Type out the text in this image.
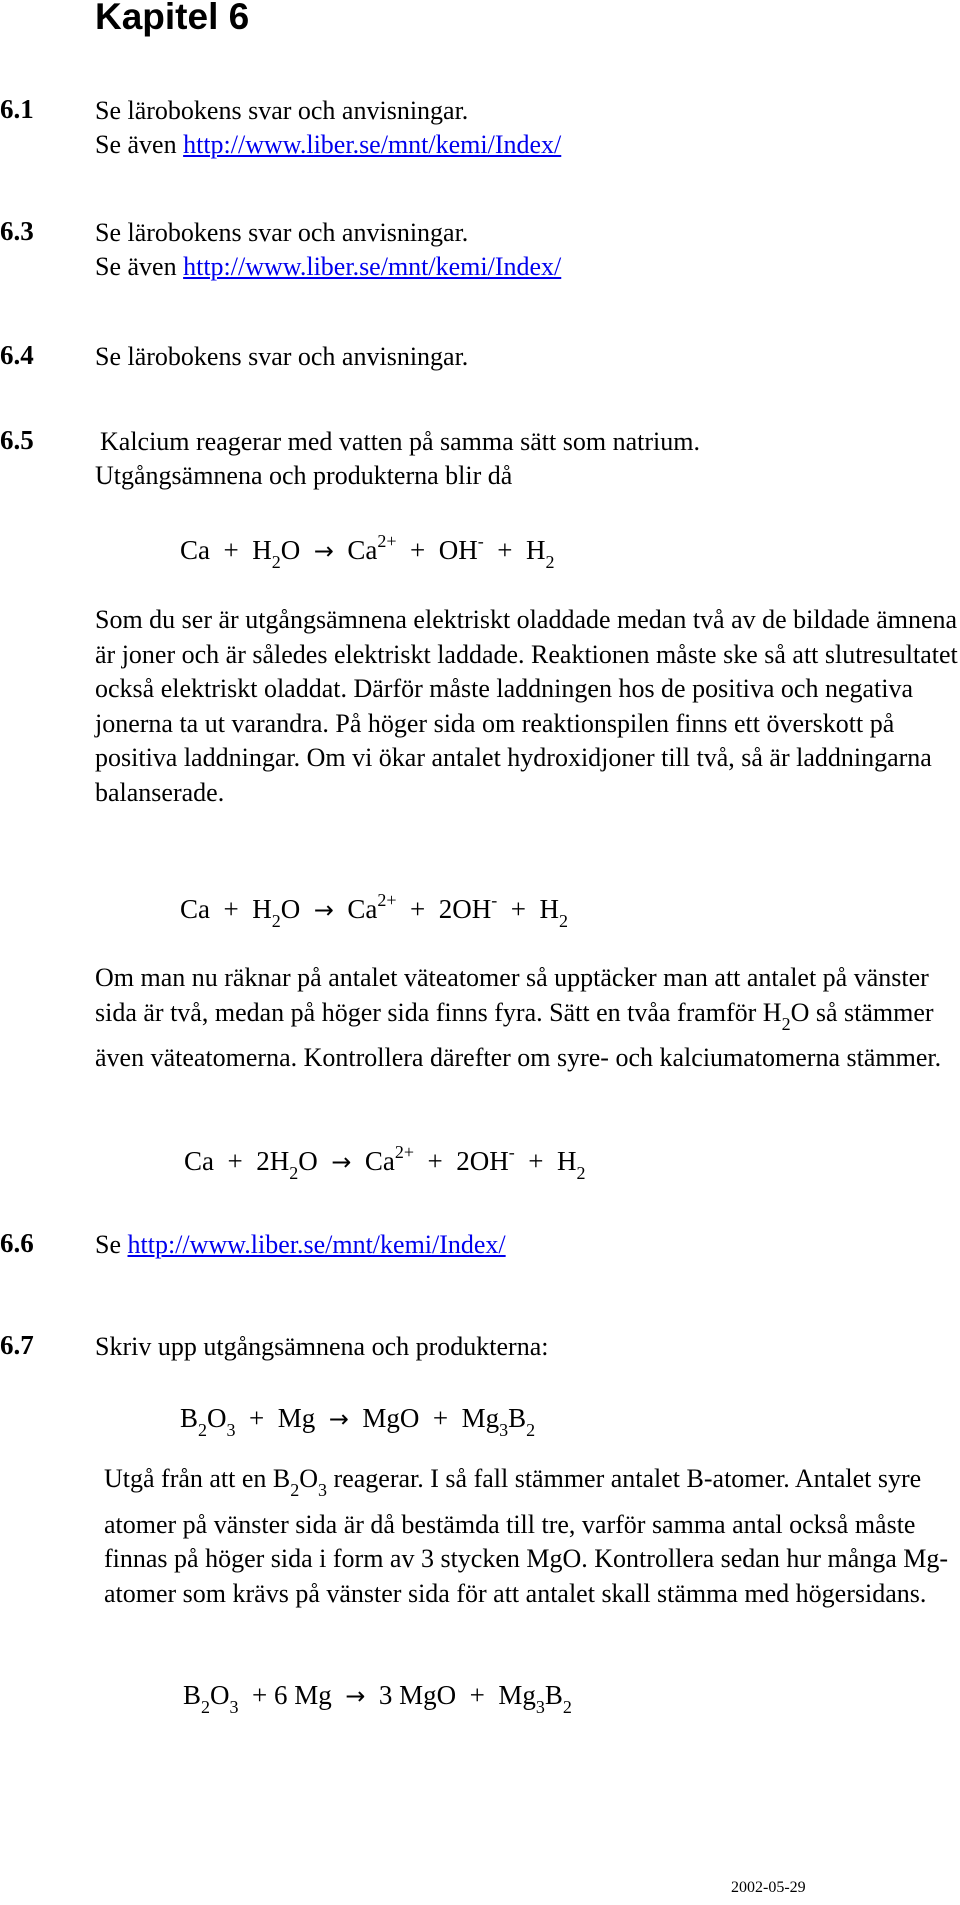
Kapitel 6
6.1 Se lärobokens svar och anvisningar.
Se även http://www.liber.se/mnt/kemi/Index/
6.3 Se lärobokens svar och anvisningar.
Se även http://www.liber.se/mnt/kemi/Index/
6.4 Se lärobokens svar och anvisningar.
6.5	Kalcium reagerar med vatten på samma sätt som natrium.
Utgångsämnena och produkterna blir då
Ca + H2O → Ca2+ + OH- + H2
Som du ser är utgångsämnena elektriskt oladdade medan två av de bildade ämnena är joner och är således elektriskt laddade. Reaktionen måste ske så att slutresultatet också elektriskt oladdat. Därför måste laddningen hos de positiva och negativa jonerna ta ut varandra. På höger sida om reaktionspilen finns ett överskott på positiva laddningar. Om vi ökar antalet hydroxidjoner till två, så är laddningarna balanserade.
Ca + H2O → Ca2+ + 2OH- + H2
Om man nu räknar på antalet väteatomer så upptäcker man att antalet på vänster sida är två, medan på höger sida finns fyra. Sätt en tvåa framför $H_2O$ så stämmer även väteatomerna. Kontrollera därefter om syre- och kalciumatomerna stämmer.
Ca + 2H2O → Ca2+ + 2OH- + H2
6.6 Se http://www.liber.se/mnt/kemi/Index/
6.7 Skriv upp utgångsämnena och produkterna:
B2O3 + Mg → MgO + Mg3B2
Utgå från att en $B_2O_3$ reagerar. I så fall stämmer antalet B-atomer. Antalet syre atomer på vänster sida är då bestämda till tre, varför samma antal också måste finnas på höger sida i form av 3 stycken MgO. Kontrollera sedan hur många Mg-atomer som krävs på vänster sida för att antalet skall stämma med högersidans.
B2O3 + 6 Mg → 3 MgO + Mg3B2
2002-05-29
